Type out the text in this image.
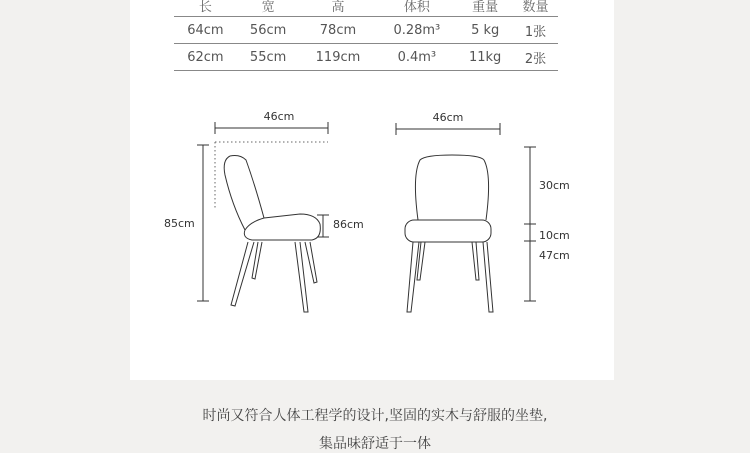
长	宽	高	体积	重量	数量
64cm	56cm	78cm	0.28m³	5 kg	1张
62cm	55cm	119cm	0.4m³	11kg	2张
46cm
85cm	86cm
46cm
30cm
10cm
47cm
时尚又符合人体工程学的设计,坚固的实木与舒服的坐垫,
集品味舒适于一体
